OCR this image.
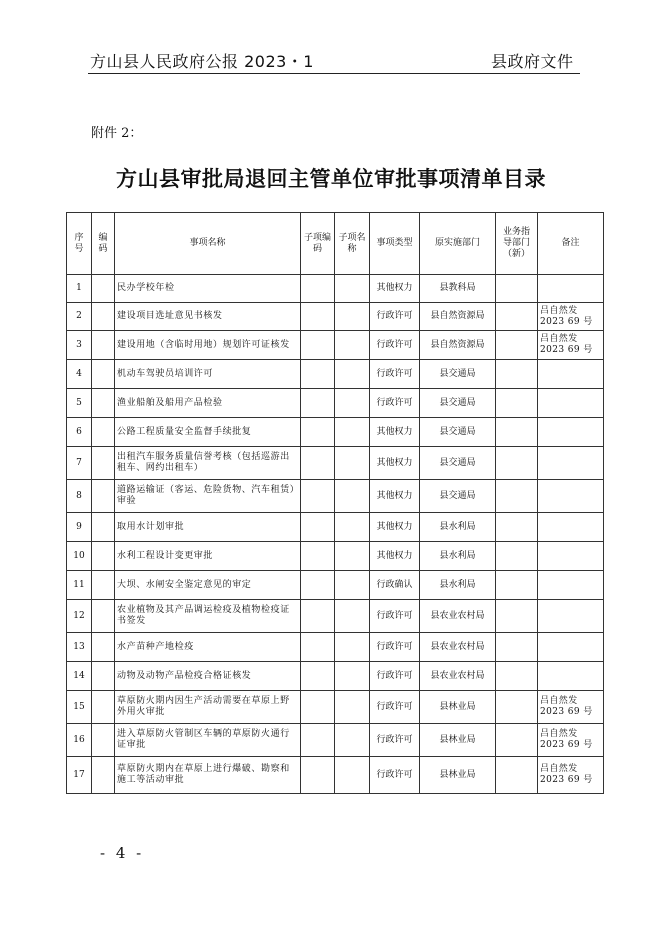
方山县人民政府公报 2023・1	县政府文件
附件 2：
方山县审批局退回主管单位审批事项清单目录
序号	编码	事项名称	子项编码	子项名称	事项类型	原实施部门	业务指导部门（新）	备注
1		民办学校年检			其他权力	县教科局		
2		建设项目选址意见书核发			行政许可	县自然资源局		吕自然发 2023 69 号
3		建设用地（含临时用地）规划许可证核发			行政许可	县自然资源局		吕自然发 2023 69 号
4		机动车驾驶员培训许可			行政许可	县交通局		
5		渔业船舶及船用产品检验			行政许可	县交通局		
6		公路工程质量安全监督手续批复			其他权力	县交通局		
7		出租汽车服务质量信誉考核（包括巡游出租车、网约出租车）			其他权力	县交通局		
8		道路运输证（客运、危险货物、汽车租赁）审验			其他权力	县交通局		
9		取用水计划审批			其他权力	县水利局		
10		水利工程设计变更审批			其他权力	县水利局		
11		大坝、水闸安全鉴定意见的审定			行政确认	县水利局		
12		农业植物及其产品调运检疫及植物检疫证书签发			行政许可	县农业农村局		
13		水产苗种产地检疫			行政许可	县农业农村局		
14		动物及动物产品检疫合格证核发			行政许可	县农业农村局		
15		草原防火期内因生产活动需要在草原上野外用火审批			行政许可	县林业局		吕自然发 2023 69 号
16		进入草原防火管制区车辆的草原防火通行证审批			行政许可	县林业局		吕自然发 2023 69 号
17		草原防火期内在草原上进行爆破、勘察和施工等活动审批			行政许可	县林业局		吕自然发 2023 69 号
- 4 -
